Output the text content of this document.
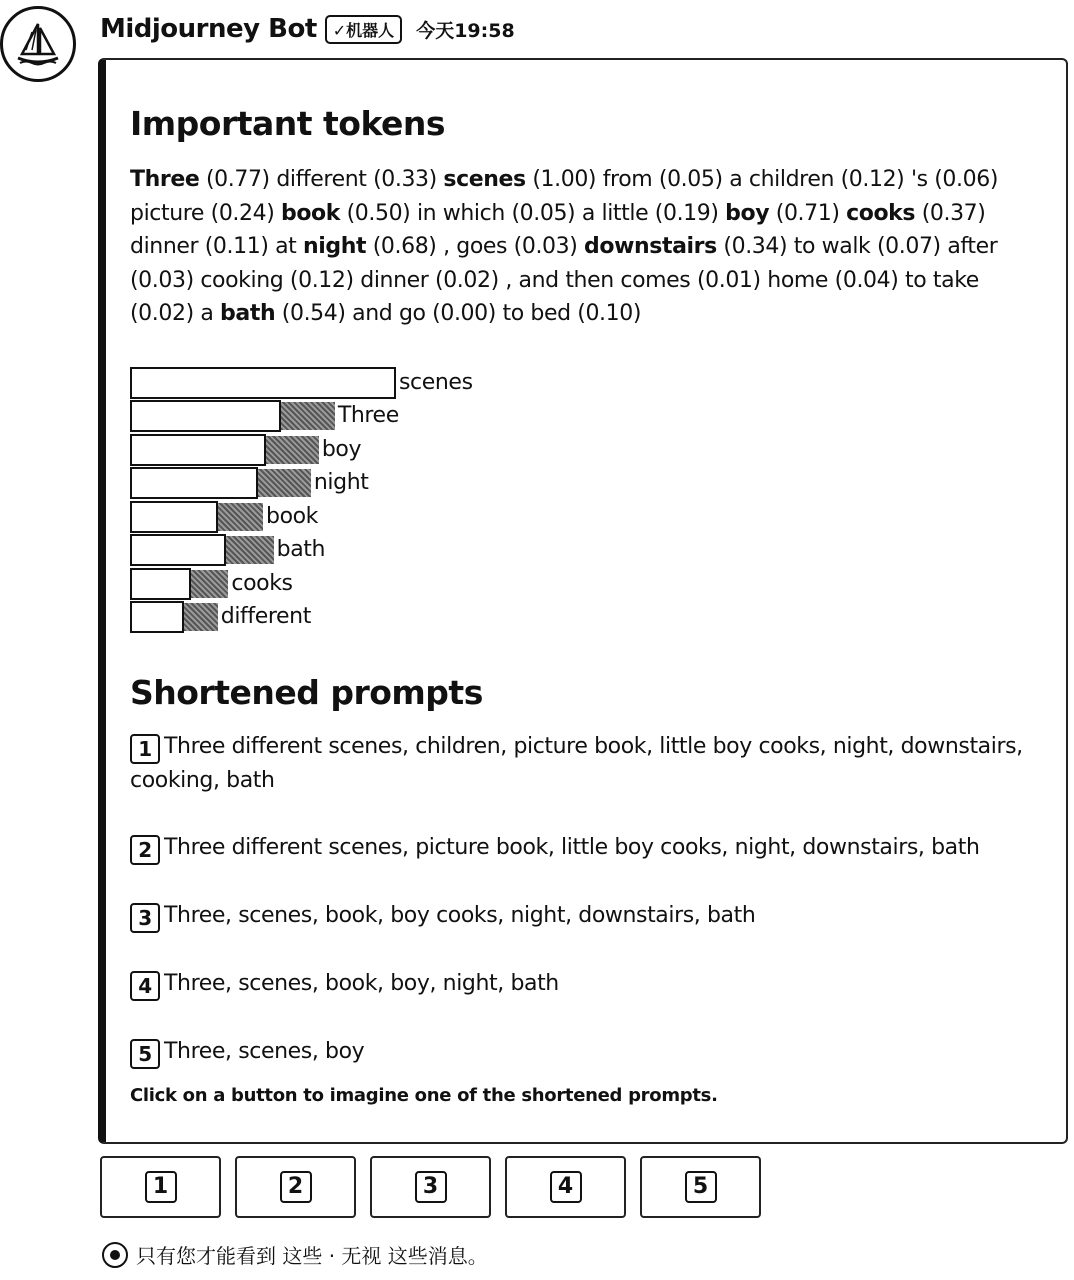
Midjourney Bot	✓机器人	今天19:58
Important tokens
Three (0.77) different (0.33) scenes (1.00) from (0.05) a children (0.12) 's (0.06) picture (0.24) book (0.50) in which (0.05) a little (0.19) boy (0.71) cooks (0.37) dinner (0.11) at night (0.68) , goes (0.03) downstairs (0.34) to walk (0.07) after (0.03) cooking (0.12) dinner (0.02) , and then comes (0.01) home (0.04) to take (0.02) a bath (0.54) and go (0.00) to bed (0.10)
scenes
Three
boy
night
book
bath
cooks
different
Shortened prompts
1 Three different scenes, children, picture book, little boy cooks, night, downstairs, cooking, bath
2 Three different scenes, picture book, little boy cooks, night, downstairs, bath
3 Three, scenes, book, boy cooks, night, downstairs, bath
4 Three, scenes, book, boy, night, bath
5 Three, scenes, boy
Click on a button to imagine one of the shortened prompts.
1	2	3	4	5
只有您才能看到 这些 · 无视 这些消息。
